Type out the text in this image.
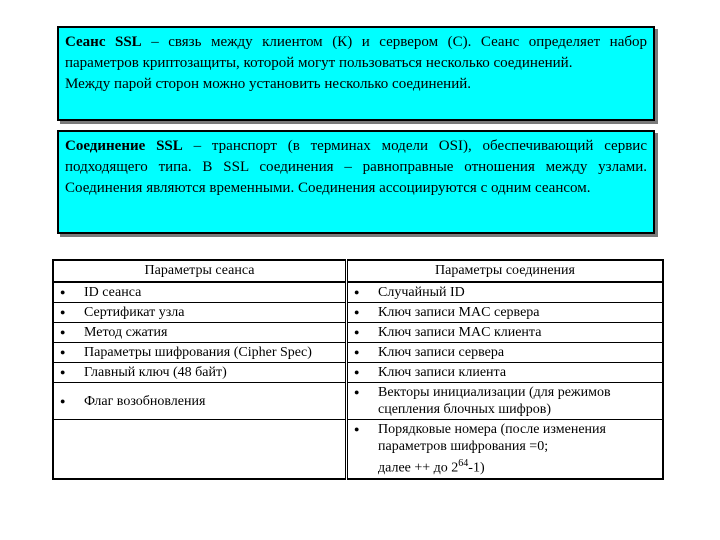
Сеанс SSL – связь между клиентом (К) и сервером (С). Сеанс определяет набор параметров криптозащиты, которой могут пользоваться несколько соединений.

Между парой сторон можно установить несколько соединений.

Соединение SSL – транспорт (в терминах модели OSI), обеспечивающий сервис подходящего типа. В SSL соединения – равноправные отношения между узлами. Соединения являются временными. Соединения ассоциируются с одним сеансом.

Параметры сеанса	Параметры соединения

● ID сеанса	● Случайный ID

● Сертификат узла	● Ключ записи MAC сервера

● Метод сжатия	● Ключ записи MAC клиента

● Параметры шифрования (Cipher Spec)	● Ключ записи сервера

● Главный ключ (48 байт)	● Ключ записи клиента

● Флаг возобновления	● Векторы инициализации (для режимов сцепления блочных шифров)

	● Порядковые номера (после изменения параметров шифрования =0;
далее ++ до $2^{64}-1$)
